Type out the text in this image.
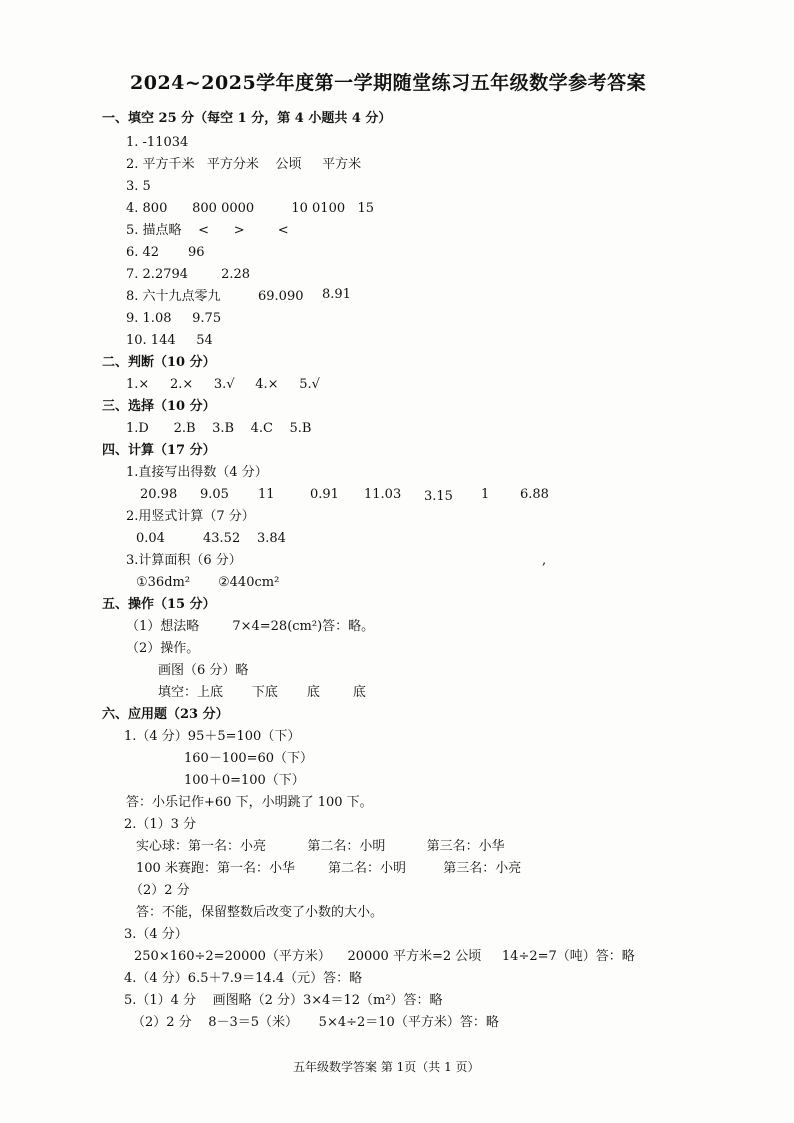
2024~2025学年度第一学期随堂练习五年级数学参考答案
一、填空 25 分（每空 1 分，第 4 小题共 4 分）
1. -11034
2. 平方千米   平方分米    公顷     平方米
3. 5
4. 800      800 0000         10 0100   15
5. 描点略    <      >        <
6. 42       96
7. 2.2794        2.28
8. 六十九点零九	69.090 8.91
9. 1.08     9.75
10. 144     54
二、判断（10 分）
1.×     2.×     3.√     4.×     5.√
三、选择（10 分）
1.D      2.B    3.B    4.C    5.B
四、计算（17 分）
1.直接写出得数（4 分）
20.98 9.05 11	0.91 11.03 3.15 1 6.88
2.用竖式计算（7 分）
0.04	43.52 3.84
3.计算面积（6 分）	,
①36dm² ②440cm²
五、操作（15 分）
（1）想法略        7×4=28(cm²)答：略。
（2）操作。
画图（6 分）略
填空：上底       下底       底        底
六、应用题（23 分）
1.（4 分）95＋5=100（下）
160－100=60（下）
100＋0=100（下）
答：小乐记作+60 下，小明跳了 100 下。
2.（1）3 分
实心球：第一名：小亮          第二名：小明          第三名：小华
100 米赛跑：第一名：小华        第二名：小明         第三名：小亮
（2）2 分
答：不能，保留整数后改变了小数的大小。
3.（4 分）
250×160÷2=20000（平方米）    20000 平方米=2 公顷     14÷2=7（吨）答：略
4.（4 分）6.5＋7.9＝14.4（元）答：略
5.（1）4 分    画图略（2 分）3×4＝12（m²）答：略
（2）2 分    8－3＝5（米）     5×4÷2＝10（平方米）答：略
五年级数学答案 第 1页（共 1 页）
